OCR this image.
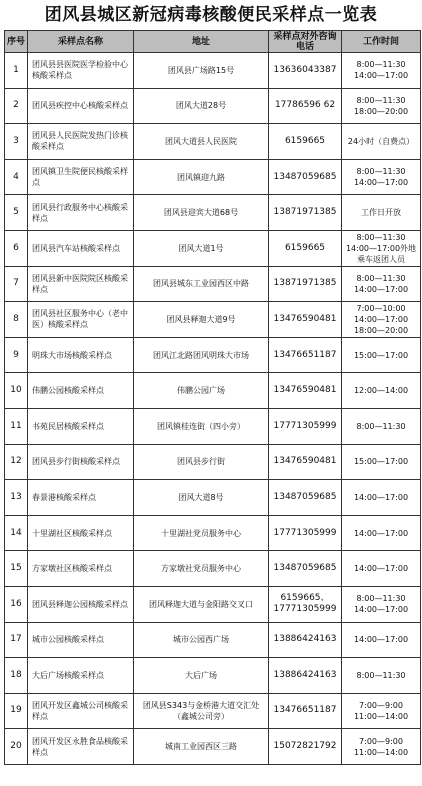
团风县城区新冠病毒核酸便民采样点一览表
序号	采样点名称	地址	采样点对外咨询电话	工作时间
1	团风县县医院医学检验中心核酸采样点	团风县广场路15号	13636043387	8:00—11:30
14:00—17:00
2	团风县疾控中心核酸采样点	团风大道28号	17786596 62	8:00—11:30
18:00—20:00
3	团风县人民医院发热门诊核酸采样点	团风大道县人民医院	6159665	24小时（自费点）
4	团风镇卫生院便民核酸采样点	团风镇迎九路	13487059685	8:00—11:30
14:00—17:00
5	团风县行政服务中心核酸采样点	团风县迎宾大道68号	13871971385	工作日开放
6	团风县汽车站核酸采样点	团风大道1号	6159665	8:00—11:30
14:00—17:00外地乘车返团人员
7	团风县新中医院院区核酸采样点	团风县城东工业园西区中路	13871971385	8:00—11:30
14:00—17:00
8	团风县社区服务中心（老中医）核酸采样点	团风县释迦大道9号	13476590481	7:00—10:00
14:00—17:00
18:00—20:00
9	明珠大市场核酸采样点	团风江北路团风明珠大市场	13476651187	15:00—17:00
10	伟鹏公园核酸采样点	伟鹏公园广场	13476590481	12:00—14:00
11	书苑民居核酸采样点	团风镇桂连街（四小旁）	17771305999	8:00—11:30
12	团风县步行街核酸采样点	团风县步行街	13476590481	15:00—17:00
13	春景港核酸采样点	团风大道8号	13487059685	14:00—17:00
14	十里湖社区核酸采样点	十里湖社党员服务中心	17771305999	14:00—17:00
15	方家墩社区核酸采样点	方家墩社党员服务中心	13487059685	14:00—17:00
16	团风县释迦公园核酸采样点	团风释迦大道与金阳路交叉口	6159665、17771305999	8:00—11:30
14:00—17:00
17	城市公园核酸采样点	城市公园西广场	13886424163	14:00—17:00
18	大后广场核酸采样点	大后广场	13886424163	8:00—11:30
19	团风开发区鑫城公司核酸采样点	团风县S343与金桥港大道交汇处（鑫城公司旁）	13476651187	7:00—9:00
11:00—14:00
20	团风开发区永胜食品核酸采样点	城南工业园西区三路	15072821792	7:00—9:00
11:00—14:00
